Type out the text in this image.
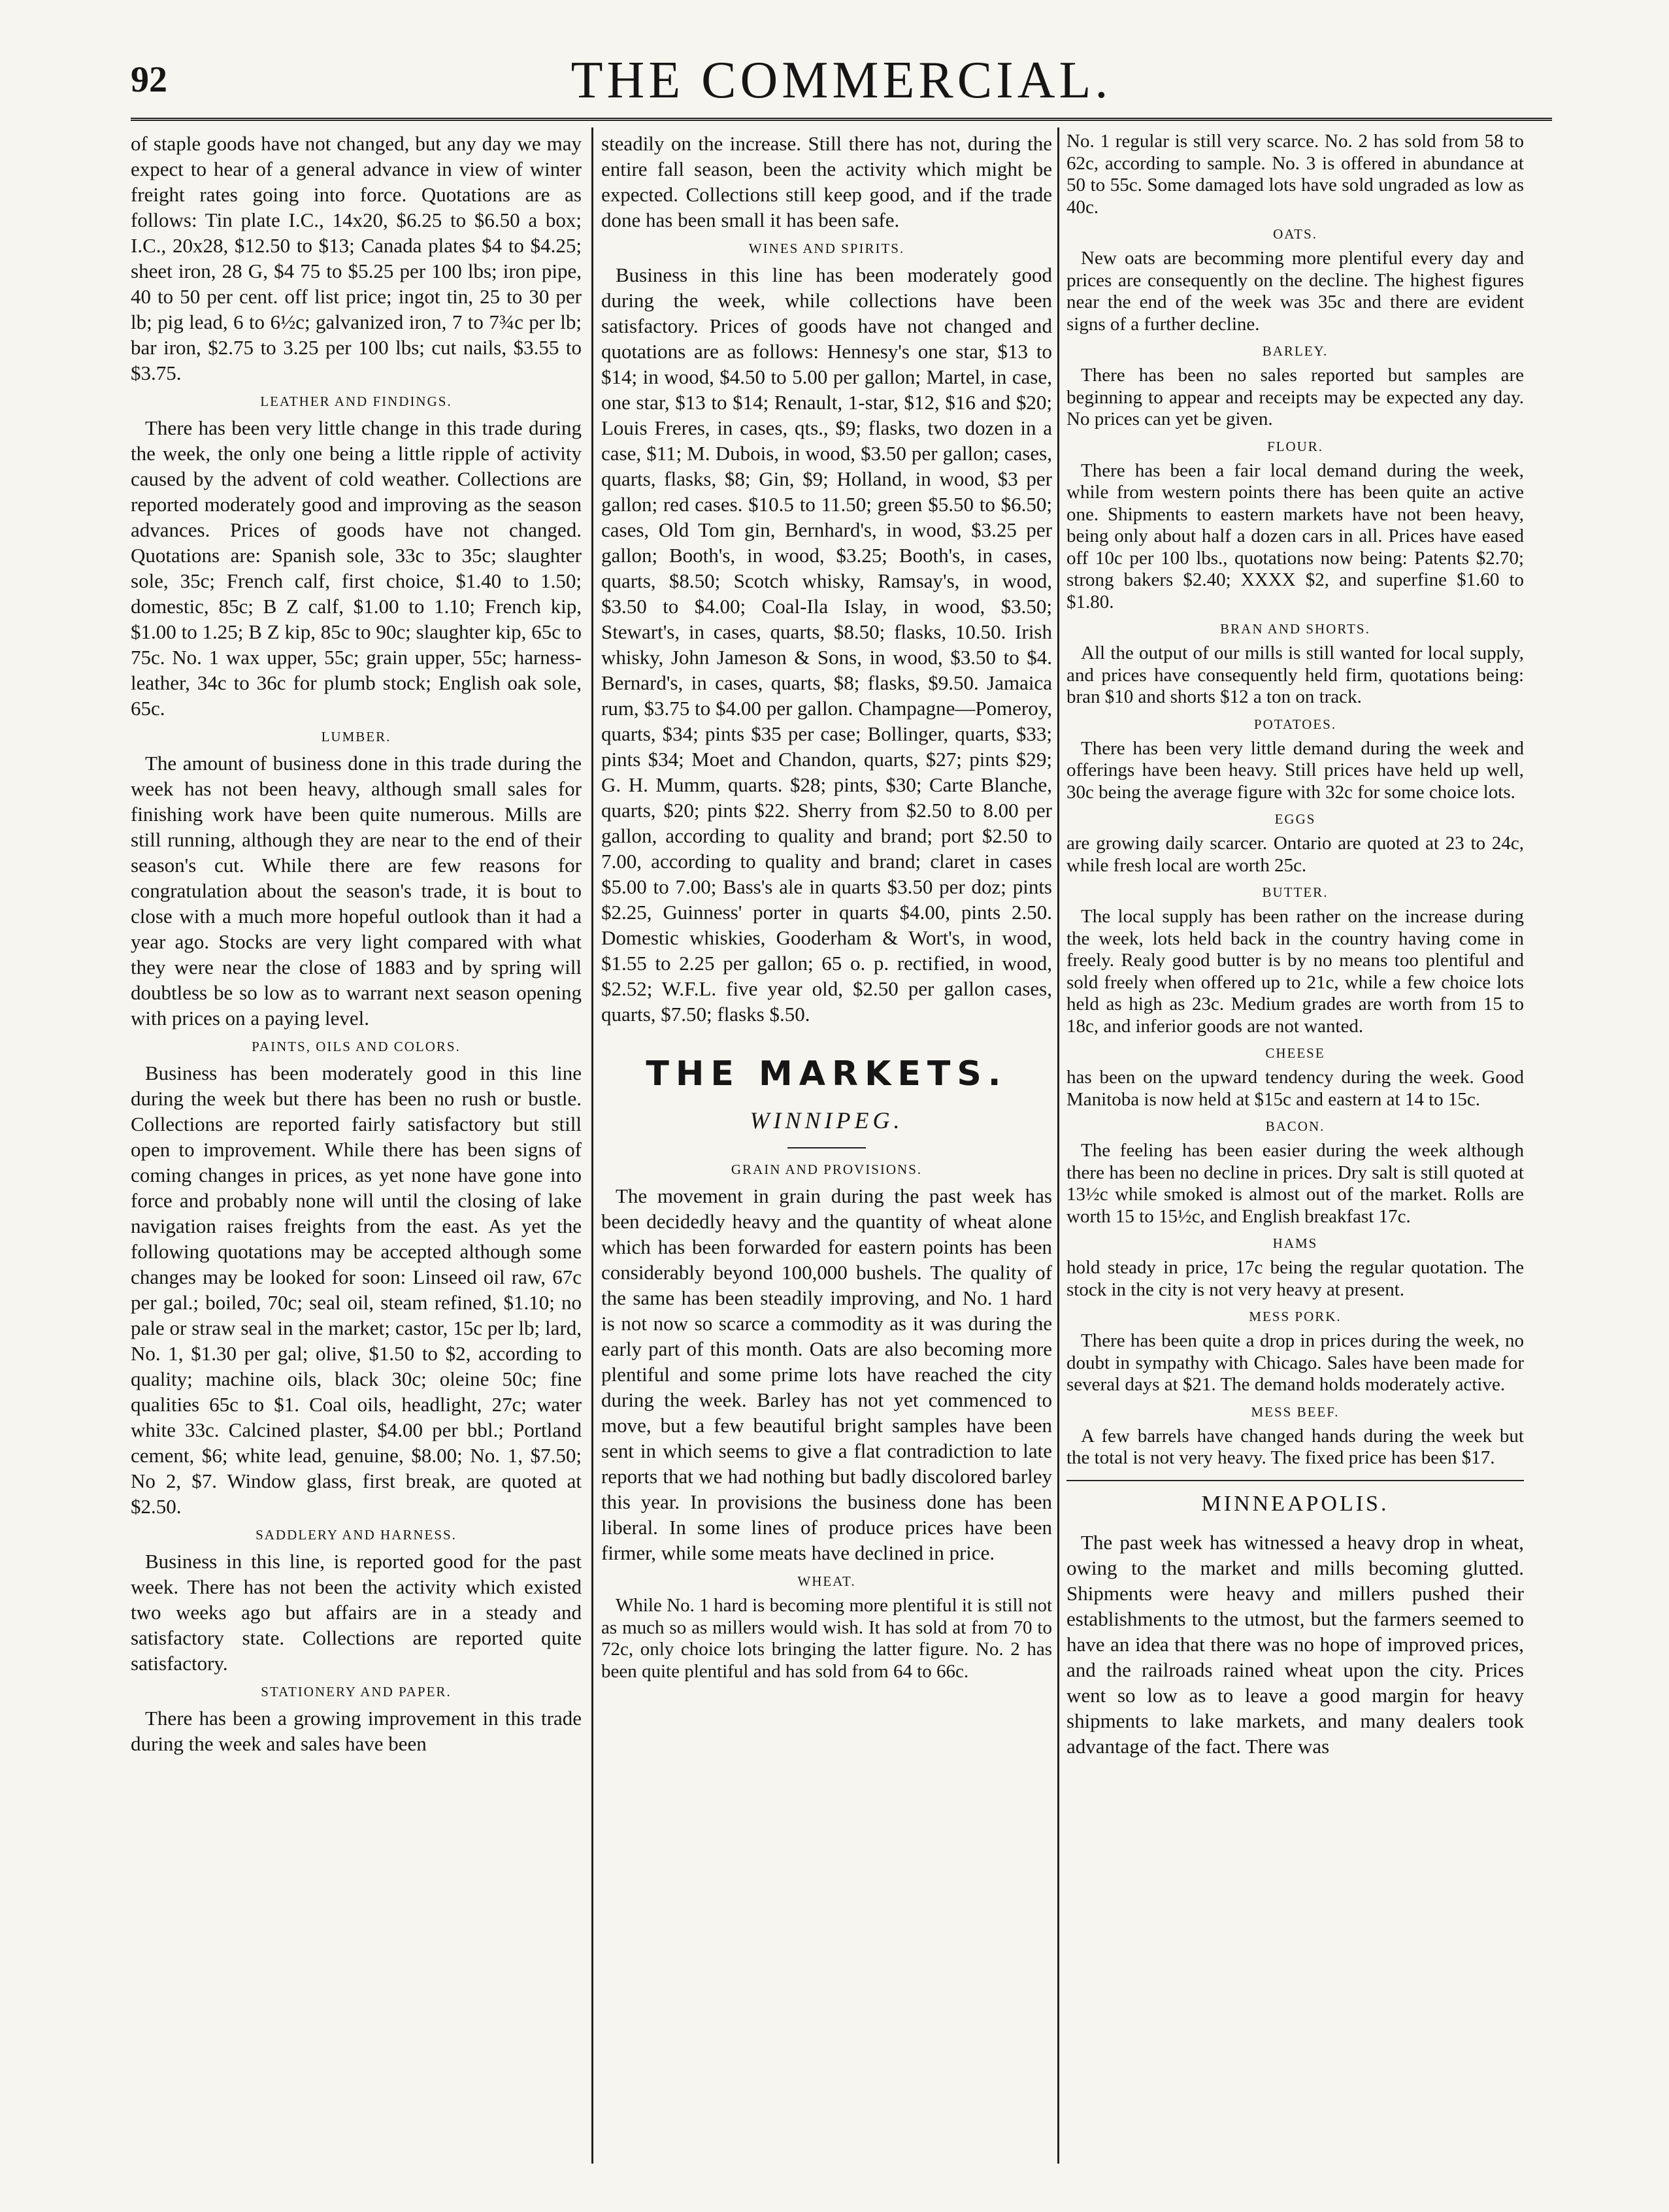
92	THE COMMERCIAL.

of staple goods have not changed, but any day we may expect to hear of a general advance in view of winter freight rates going into force. Quotations are as follows: Tin plate I.C., 14x20, $6.25 to $6.50 a box; I.C., 20x28, $12.50 to $13; Canada plates $4 to $4.25; sheet iron, 28 G, $4 75 to $5.25 per 100 lbs; iron pipe, 40 to 50 per cent. off list price; ingot tin, 25 to 30 per lb; pig lead, 6 to 6½c; galvanized iron, 7 to 7¾c per lb; bar iron, $2.75 to 3.25 per 100 lbs; cut nails, $3.55 to $3.75.

LEATHER AND FINDINGS.

There has been very little change in this trade during the week, the only one being a little ripple of activity caused by the advent of cold weather. Collections are reported moderately good and improving as the season advances. Prices of goods have not changed. Quotations are: Spanish sole, 33c to 35c; slaughter sole, 35c; French calf, first choice, $1.40 to 1.50; domestic, 85c; B Z calf, $1.00 to 1.10; French kip, $1.00 to 1.25; B Z kip, 85c to 90c; slaughter kip, 65c to 75c. No. 1 wax upper, 55c; grain upper, 55c; harness-leather, 34c to 36c for plumb stock; English oak sole, 65c.

LUMBER.

The amount of business done in this trade during the week has not been heavy, although small sales for finishing work have been quite numerous. Mills are still running, although they are near to the end of their season's cut. While there are few reasons for congratulation about the season's trade, it is bout to close with a much more hopeful outlook than it had a year ago. Stocks are very light compared with what they were near the close of 1883 and by spring will doubtless be so low as to warrant next season opening with prices on a paying level.

PAINTS, OILS AND COLORS.

Business has been moderately good in this line during the week but there has been no rush or bustle. Collections are reported fairly satisfactory but still open to improvement. While there has been signs of coming changes in prices, as yet none have gone into force and probably none will until the closing of lake navigation raises freights from the east. As yet the following quotations may be accepted although some changes may be looked for soon: Linseed oil raw, 67c per gal.; boiled, 70c; seal oil, steam refined, $1.10; no pale or straw seal in the market; castor, 15c per lb; lard, No. 1, $1.30 per gal; olive, $1.50 to $2, according to quality; machine oils, black 30c; oleine 50c; fine qualities 65c to $1. Coal oils, headlight, 27c; water white 33c. Calcined plaster, $4.00 per bbl.; Portland cement, $6; white lead, genuine, $8.00; No. 1, $7.50; No 2, $7. Window glass, first break, are quoted at $2.50.

SADDLERY AND HARNESS.

Business in this line, is reported good for the past week. There has not been the activity which existed two weeks ago but affairs are in a steady and satisfactory state. Collections are reported quite satisfactory.

STATIONERY AND PAPER.

There has been a growing improvement in this trade during the week and sales have been

steadily on the increase. Still there has not, during the entire fall season, been the activity which might be expected. Collections still keep good, and if the trade done has been small it has been safe.

WINES AND SPIRITS.

Business in this line has been moderately good during the week, while collections have been satisfactory. Prices of goods have not changed and quotations are as follows: Hennesy's one star, $13 to $14; in wood, $4.50 to 5.00 per gallon; Martel, in case, one star, $13 to $14; Renault, 1-star, $12, $16 and $20; Louis Freres, in cases, qts., $9; flasks, two dozen in a case, $11; M. Dubois, in wood, $3.50 per gallon; cases, quarts, flasks, $8; Gin, $9; Holland, in wood, $3 per gallon; red cases. $10.5 to 11.50; green $5.50 to $6.50; cases, Old Tom gin, Bernhard's, in wood, $3.25 per gallon; Booth's, in wood, $3.25; Booth's, in cases, quarts, $8.50; Scotch whisky, Ramsay's, in wood, $3.50 to $4.00; Coal-Ila Islay, in wood, $3.50; Stewart's, in cases, quarts, $8.50; flasks, 10.50. Irish whisky, John Jameson & Sons, in wood, $3.50 to $4. Bernard's, in cases, quarts, $8; flasks, $9.50. Jamaica rum, $3.75 to $4.00 per gallon. Champagne—Pomeroy, quarts, $34; pints $35 per case; Bollinger, quarts, $33; pints $34; Moet and Chandon, quarts, $27; pints $29; G. H. Mumm, quarts. $28; pints, $30; Carte Blanche, quarts, $20; pints $22. Sherry from $2.50 to 8.00 per gallon, according to quality and brand; port $2.50 to 7.00, according to quality and brand; claret in cases $5.00 to 7.00; Bass's ale in quarts $3.50 per doz; pints $2.25, Guinness' porter in quarts $4.00, pints 2.50. Domestic whiskies, Gooderham & Wort's, in wood, $1.55 to 2.25 per gallon; 65 o. p. rectified, in wood, $2.52; W.F.L. five year old, $2.50 per gallon cases, quarts, $7.50; flasks $.50.

THE MARKETS.
WINNIPEG.
GRAIN AND PROVISIONS.

The movement in grain during the past week has been decidedly heavy and the quantity of wheat alone which has been forwarded for eastern points has been considerably beyond 100,000 bushels. The quality of the same has been steadily improving, and No. 1 hard is not now so scarce a commodity as it was during the early part of this month. Oats are also becoming more plentiful and some prime lots have reached the city during the week. Barley has not yet commenced to move, but a few beautiful bright samples have been sent in which seems to give a flat contradiction to late reports that we had nothing but badly discolored barley this year. In provisions the business done has been liberal. In some lines of produce prices have been firmer, while some meats have declined in price.

WHEAT.

While No. 1 hard is becoming more plentiful it is still not as much so as millers would wish. It has sold at from 70 to 72c, only choice lots bringing the latter figure. No. 2 has been quite plentiful and has sold from 64 to 66c.

No. 1 regular is still very scarce. No. 2 has sold from 58 to 62c, according to sample. No. 3 is offered in abundance at 50 to 55c. Some damaged lots have sold ungraded as low as 40c.

OATS.

New oats are becomming more plentiful every day and prices are consequently on the decline. The highest figures near the end of the week was 35c and there are evident signs of a further decline.

BARLEY.

There has been no sales reported but samples are beginning to appear and receipts may be expected any day. No prices can yet be given.

FLOUR.

There has been a fair local demand during the week, while from western points there has been quite an active one. Shipments to eastern markets have not been heavy, being only about half a dozen cars in all. Prices have eased off 10c per 100 lbs., quotations now being: Patents $2.70; strong bakers $2.40; XXXX $2, and superfine $1.60 to $1.80.

BRAN AND SHORTS.

All the output of our mills is still wanted for local supply, and prices have consequently held firm, quotations being: bran $10 and shorts $12 a ton on track.

POTATOES.

There has been very little demand during the week and offerings have been heavy. Still prices have held up well, 30c being the average figure with 32c for some choice lots.

EGGS

are growing daily scarcer. Ontario are quoted at 23 to 24c, while fresh local are worth 25c.

BUTTER.

The local supply has been rather on the increase during the week, lots held back in the country having come in freely. Realy good butter is by no means too plentiful and sold freely when offered up to 21c, while a few choice lots held as high as 23c. Medium grades are worth from 15 to 18c, and inferior goods are not wanted.

CHEESE

has been on the upward tendency during the week. Good Manitoba is now held at $15c and eastern at 14 to 15c.

BACON.

The feeling has been easier during the week although there has been no decline in prices. Dry salt is still quoted at 13½c while smoked is almost out of the market. Rolls are worth 15 to 15½c, and English breakfast 17c.

HAMS

hold steady in price, 17c being the regular quotation. The stock in the city is not very heavy at present.

MESS PORK.

There has been quite a drop in prices during the week, no doubt in sympathy with Chicago. Sales have been made for several days at $21. The demand holds moderately active.

MESS BEEF.

A few barrels have changed hands during the week but the total is not very heavy. The fixed price has been $17.

MINNEAPOLIS.

The past week has witnessed a heavy drop in wheat, owing to the market and mills becoming glutted. Shipments were heavy and millers pushed their establishments to the utmost, but the farmers seemed to have an idea that there was no hope of improved prices, and the railroads rained wheat upon the city. Prices went so low as to leave a good margin for heavy shipments to lake markets, and many dealers took advantage of the fact. There was
